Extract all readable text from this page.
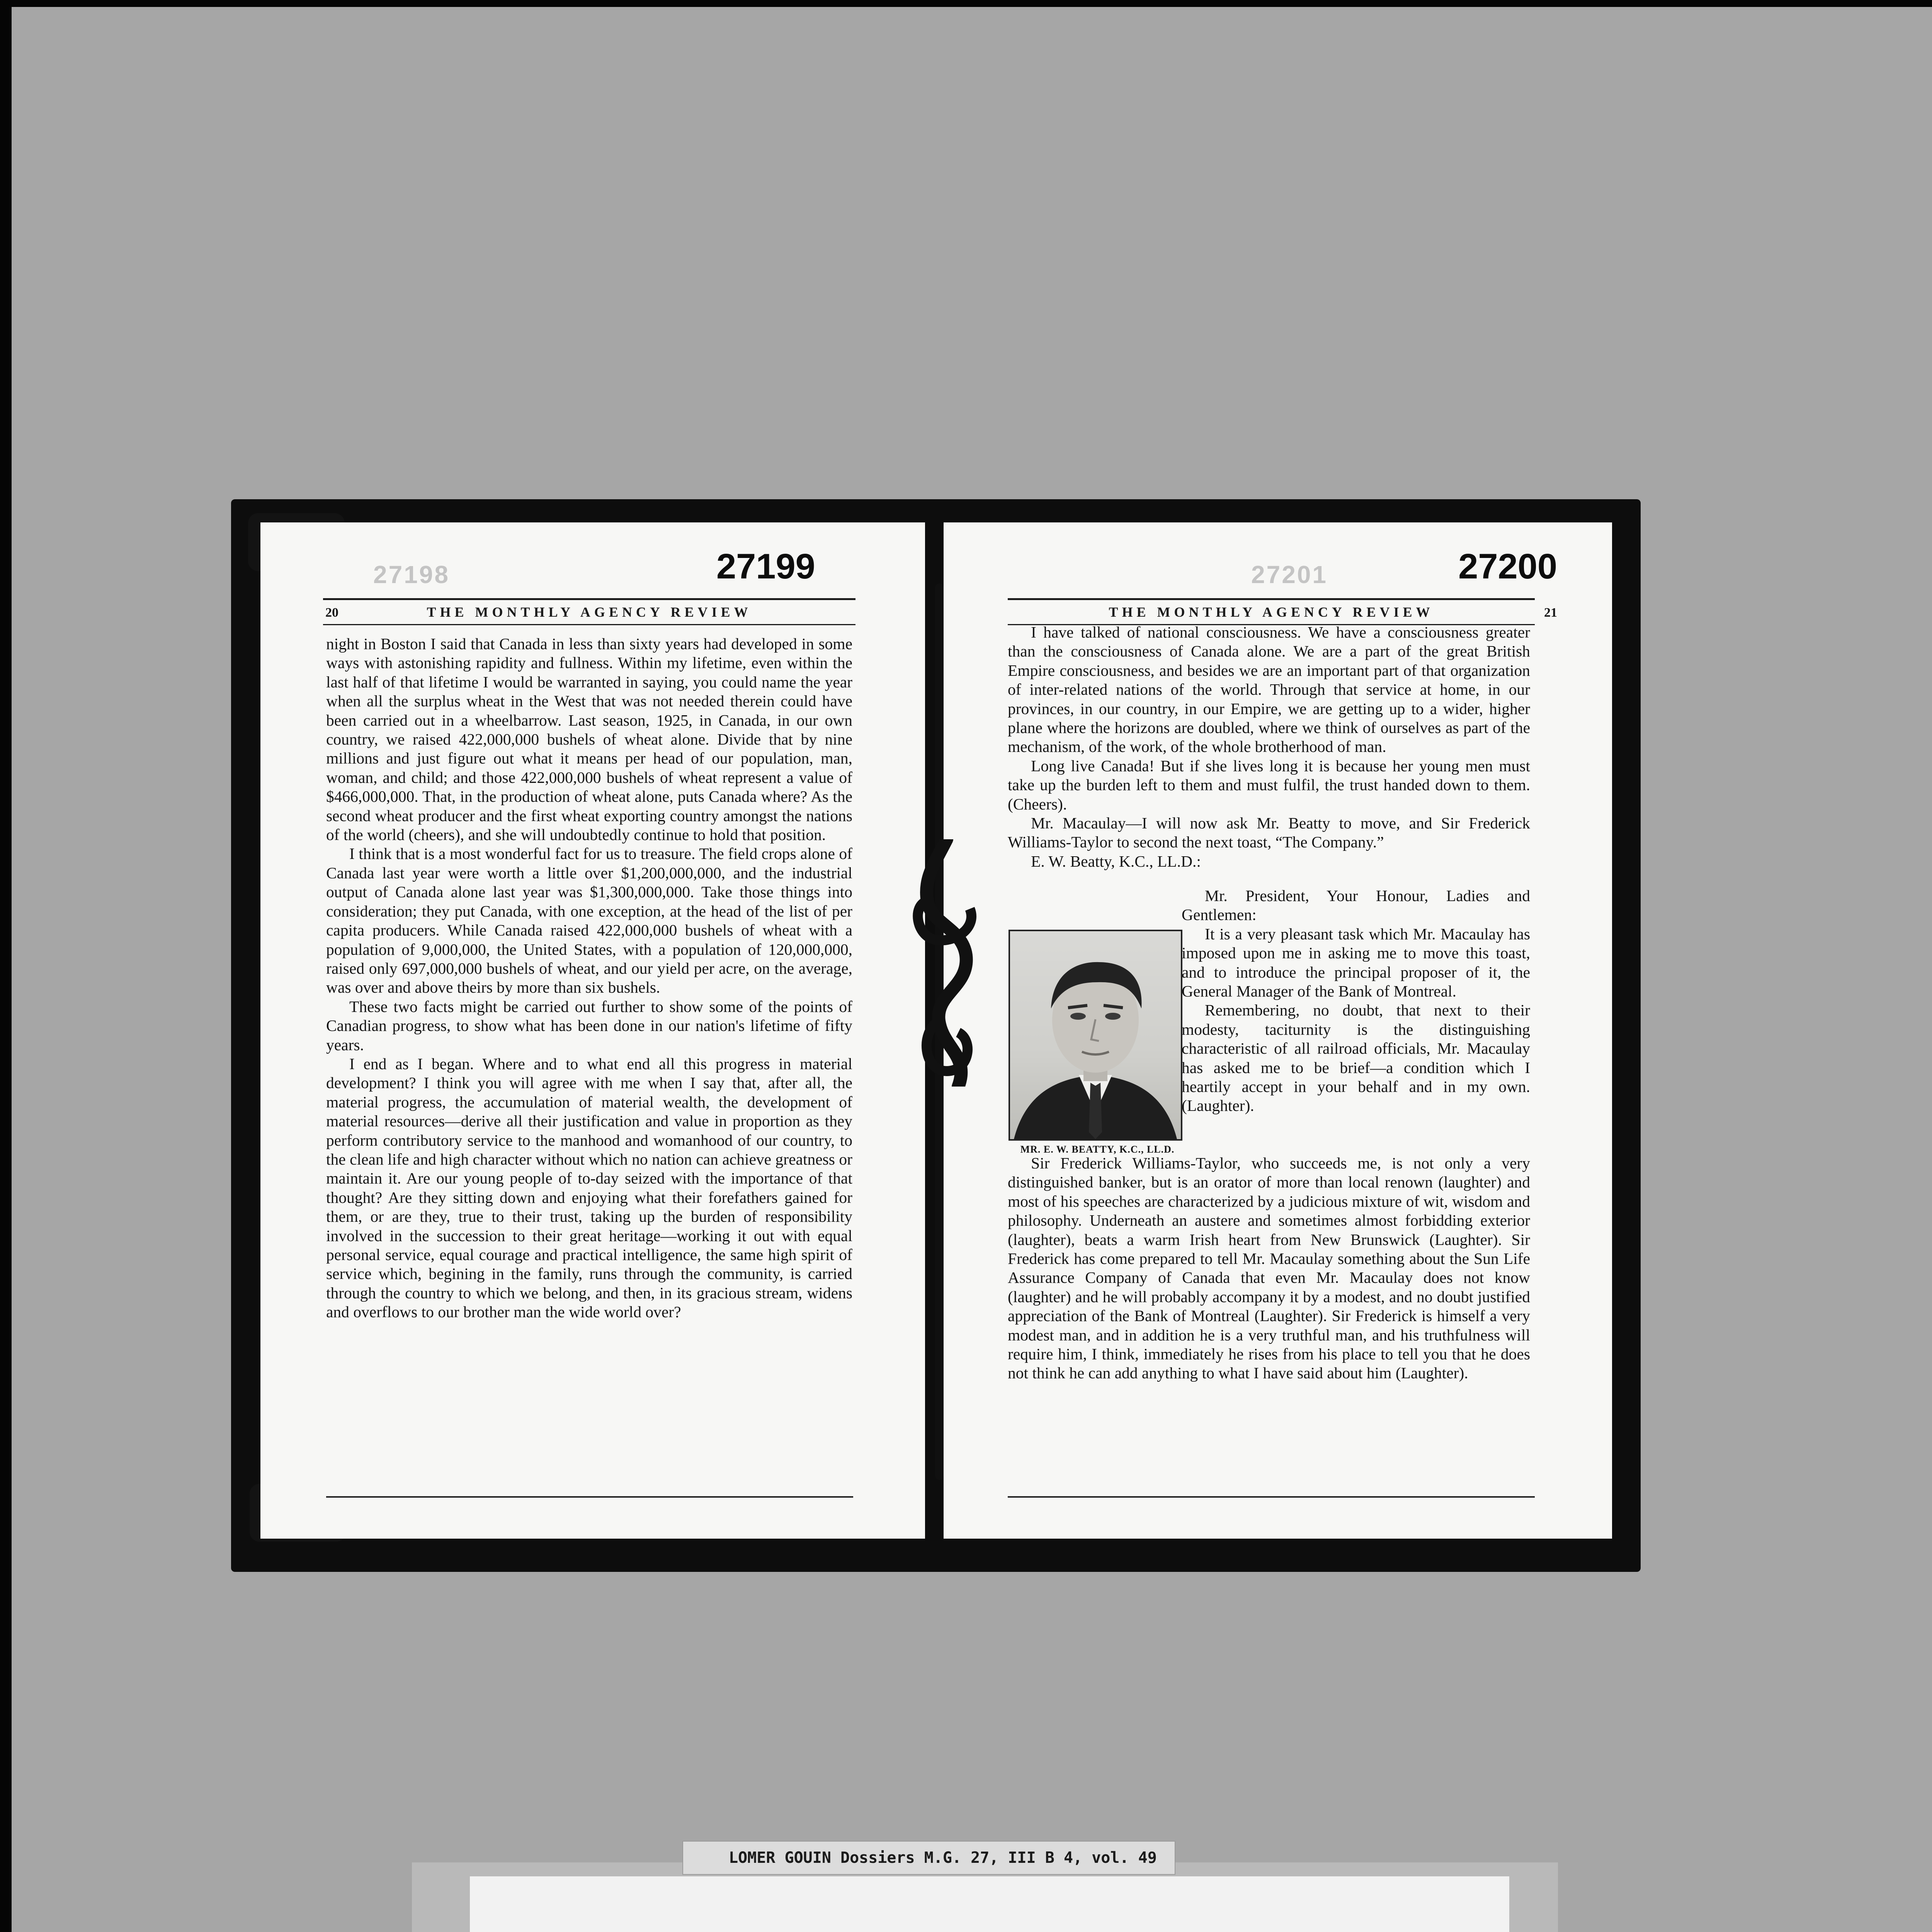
27198	27199
20	THE MONTHLY AGENCY REVIEW

night in Boston I said that Canada in less than sixty years had developed in some ways with astonishing rapidity and fullness. Within my lifetime, even within the last half of that lifetime I would be warranted in saying, you could name the year when all the surplus wheat in the West that was not needed therein could have been carried out in a wheelbarrow. Last season, 1925, in Canada, in our own country, we raised 422,000,000 bushels of wheat alone. Divide that by nine millions and just figure out what it means per head of our population, man, woman, and child; and those 422,000,000 bushels of wheat represent a value of $466,000,000. That, in the production of wheat alone, puts Canada where? As the second wheat producer and the first wheat exporting country amongst the nations of the world (cheers), and she will undoubtedly continue to hold that position.

I think that is a most wonderful fact for us to treasure. The field crops alone of Canada last year were worth a little over $1,200,000,000, and the industrial output of Canada alone last year was $1,300,000,000. Take those things into consideration; they put Canada, with one exception, at the head of the list of per capita producers. While Canada raised 422,000,000 bushels of wheat with a population of 9,000,000, the United States, with a population of 120,000,000, raised only 697,000,000 bushels of wheat, and our yield per acre, on the average, was over and above theirs by more than six bushels.

These two facts might be carried out further to show some of the points of Canadian progress, to show what has been done in our nation's lifetime of fifty years.

I end as I began. Where and to what end all this progress in material development? I think you will agree with me when I say that, after all, the material progress, the accumulation of material wealth, the development of material resources—derive all their justification and value in proportion as they perform contributory service to the manhood and womanhood of our country, to the clean life and high character without which no nation can achieve greatness or maintain it. Are our young people of to-day seized with the importance of that thought? Are they sitting down and enjoying what their forefathers gained for them, or are they, true to their trust, taking up the burden of responsibility involved in the succession to their great heritage—working it out with equal personal service, equal courage and practical intelligence, the same high spirit of service which, begining in the family, runs through the community, is carried through the country to which we belong, and then, in its gracious stream, widens and overflows to our brother man the wide world over?

27201	27200
THE MONTHLY AGENCY REVIEW	21

I have talked of national consciousness. We have a consciousness greater than the consciousness of Canada alone. We are a part of the great British Empire consciousness, and besides we are an important part of that organization of inter-related nations of the world. Through that service at home, in our provinces, in our country, in our Empire, we are getting up to a wider, higher plane where the horizons are doubled, where we think of ourselves as part of the mechanism, of the work, of the whole brotherhood of man.

Long live Canada! But if she lives long it is because her young men must take up the burden left to them and must fulfil, the trust handed down to them. (Cheers).

Mr. Macaulay—I will now ask Mr. Beatty to move, and Sir Frederick Williams-Taylor to second the next toast, “The Company.”

E. W. Beatty, K.C., LL.D.:

MR. E. W. BEATTY, K.C., LL.D.

Mr. President, Your Honour, Ladies and Gentlemen:

It is a very pleasant task which Mr. Macaulay has imposed upon me in asking me to move this toast, and to introduce the principal proposer of it, the General Manager of the Bank of Montreal.

Remembering, no doubt, that next to their modesty, taciturnity is the distinguishing characteristic of all railroad officials, Mr. Macaulay has asked me to be brief—a condition which I heartily accept in your behalf and in my own. (Laughter).

Sir Frederick Williams-Taylor, who succeeds me, is not only a very distinguished banker, but is an orator of more than local renown (laughter) and most of his speeches are characterized by a judicious mixture of wit, wisdom and philosophy. Underneath an austere and sometimes almost forbidding exterior (laughter), beats a warm Irish heart from New Brunswick (Laughter). Sir Frederick has come prepared to tell Mr. Macaulay something about the Sun Life Assurance Company of Canada that even Mr. Macaulay does not know (laughter) and he will probably accompany it by a modest, and no doubt justified appreciation of the Bank of Montreal (Laughter). Sir Frederick is himself a very modest man, and in addition he is a very truthful man, and his truthfulness will require him, I think, immediately he rises from his place to tell you that he does not think he can add anything to what I have said about him (Laughter).

LOMER GOUIN Dossiers M.G. 27, III B 4, vol. 49
